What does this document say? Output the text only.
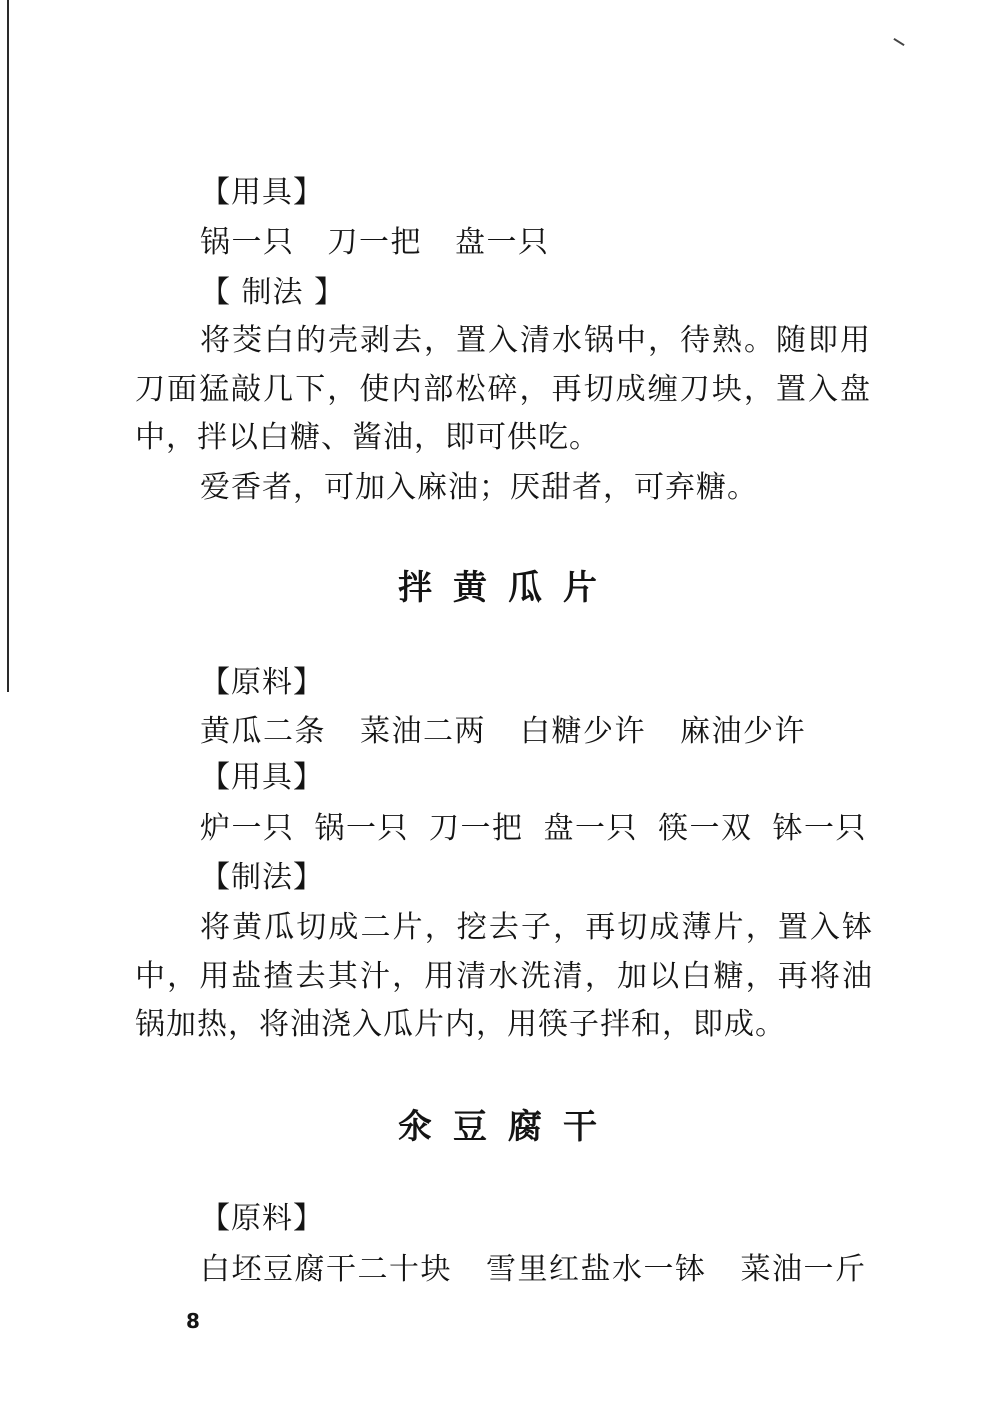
【用具】
锅一只 刀一把 盘一只
【 制法 】
将茭白的壳剥去，置入清水锅中，待熟。随即用
刀面猛敲几下，使内部松碎，再切成缠刀块，置入盘
中，拌以白糖、酱油，即可供吃。
爱香者，可加入麻油；厌甜者，可弃糖。
拌黄瓜片
【原料】
黄瓜二条 菜油二两 白糖少许 麻油少许
【用具】
炉一只 锅一只 刀一把 盘一只 筷一双 钵一只
【制法】
将黄瓜切成二片，挖去子，再切成薄片，置入钵
中，用盐揸去其汁，用清水洗清，加以白糖，再将油
锅加热，将油浇入瓜片内，用筷子拌和，即成。
氽豆腐干
【原料】
白坯豆腐干二十块 雪里红盐水一钵 菜油一斤
8
